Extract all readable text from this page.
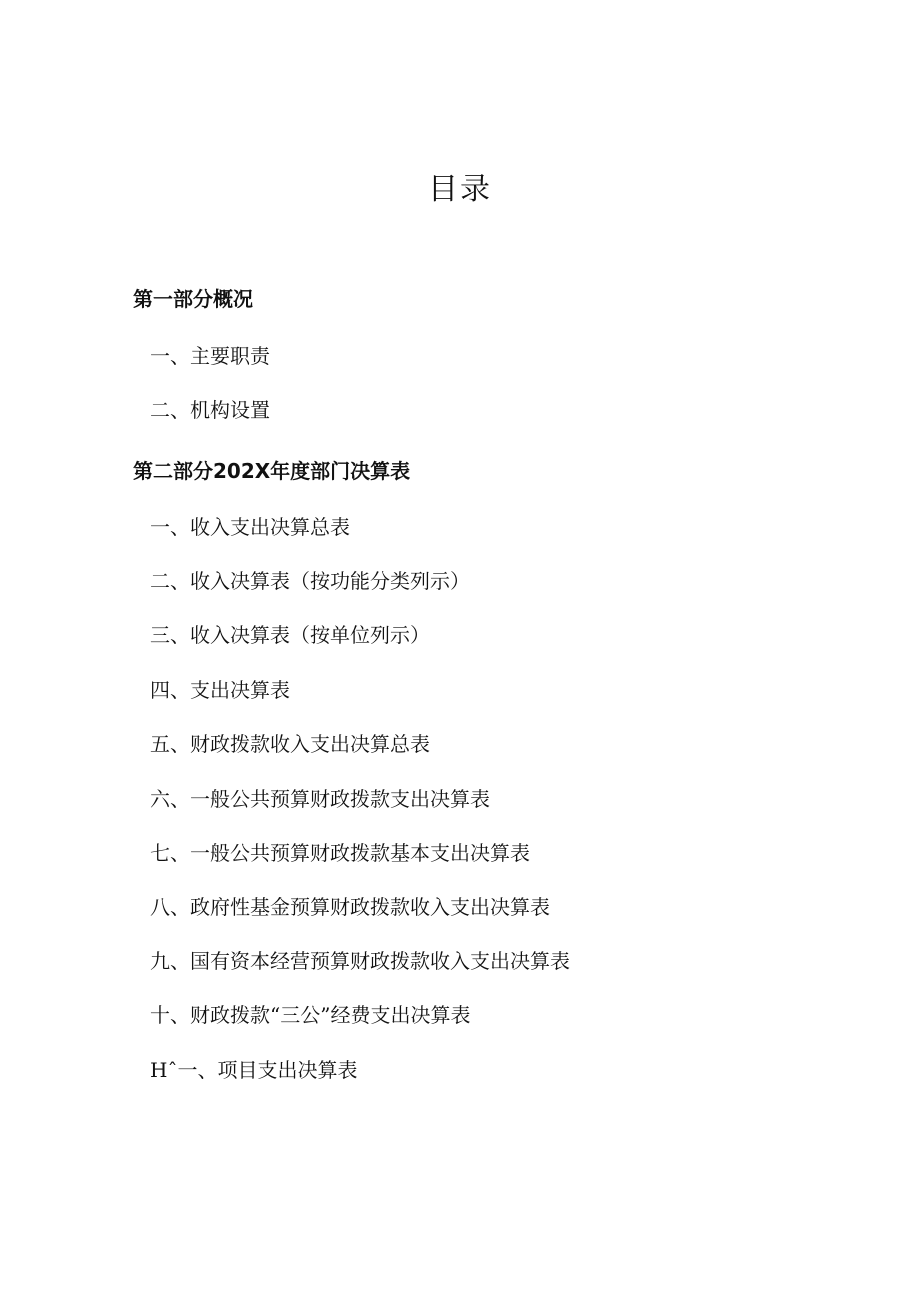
目录
第一部分概况
一、主要职责
二、机构设置
第二部分202X年度部门决算表
一、收入支出决算总表
二、收入决算表（按功能分类列示）
三、收入决算表（按单位列示）
四、支出决算表
五、财政拨款收入支出决算总表
六、一般公共预算财政拨款支出决算表
七、一般公共预算财政拨款基本支出决算表
八、政府性基金预算财政拨款收入支出决算表
九、国有资本经营预算财政拨款收入支出决算表
十、财政拨款“三公”经费支出决算表
Hˆ一、项目支出决算表
